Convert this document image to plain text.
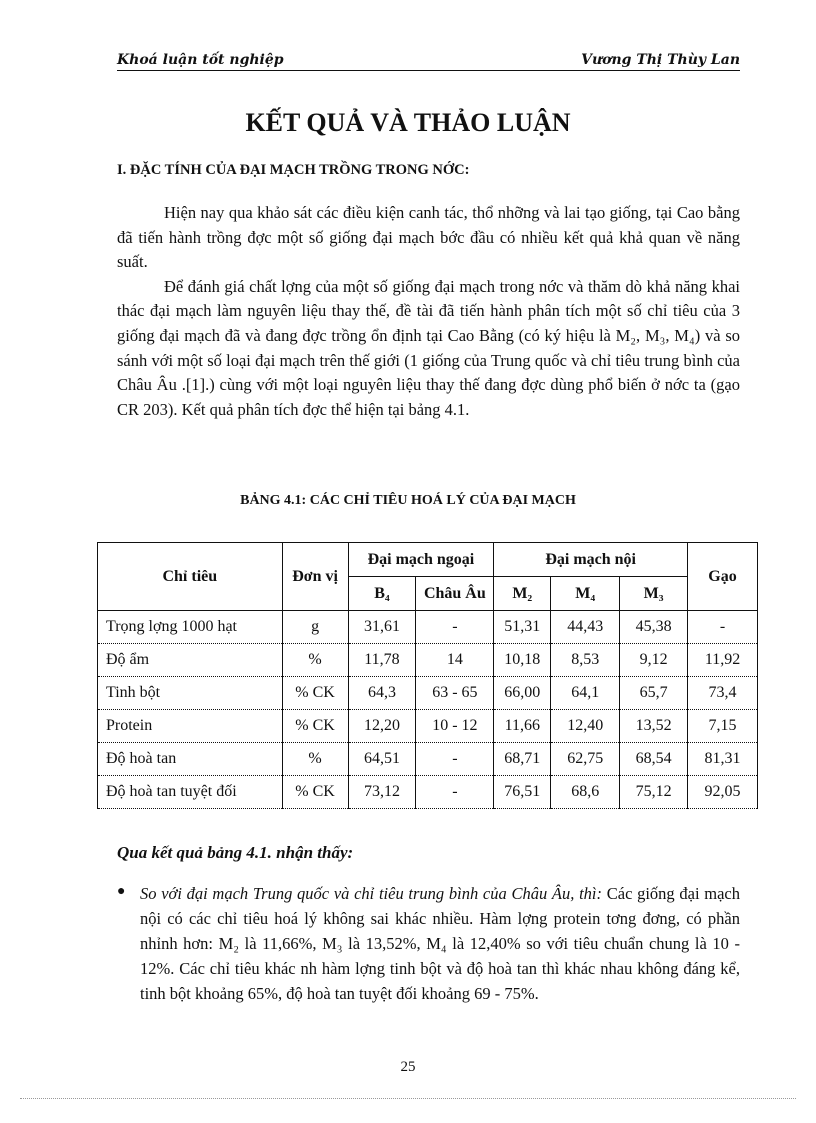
Khoá luận tốt nghiệp	Vương Thị Thùy Lan
KẾT QUẢ VÀ THẢO LUẬN
I. ĐẶC TÍNH CỦA ĐẠI MẠCH TRỒNG TRONG NỚC:

Hiện nay qua khảo sát các điều kiện canh tác, thổ nhỡng và lai tạo giống, tại Cao bằng đã tiến hành trồng đợc một số giống đại mạch bớc đầu có nhiều kết quả khả quan về năng suất.

Để đánh giá chất lợng của một số giống đại mạch trong nớc và thăm dò khả năng khai thác đại mạch làm nguyên liệu thay thế, đề tài đã tiến hành phân tích một số chỉ tiêu của 3 giống đại mạch đã và đang đợc trồng ổn định tại Cao Bằng (có ký hiệu là M₂, M₃, M₄) và so sánh với một số loại đại mạch trên thế giới (1 giống của Trung quốc và chỉ tiêu trung bình của Châu Âu .[1].) cùng với một loại nguyên liệu thay thế đang đợc dùng phổ biến ở nớc ta (gạo CR 203). Kết quả phân tích đợc thể hiện tại bảng 4.1.

BẢNG 4.1: CÁC CHỈ TIÊU HOÁ LÝ CỦA ĐẠI MẠCH
Chỉ tiêu	Đơn vị	Đại mạch ngoại		Đại mạch nội			Gạo
		B₄	Châu Âu	M₂	M₄	M₃	
Trọng lợng 1000 hạt	g	31,61	-	51,31	44,43	45,38	-
Độ ẩm	%	11,78	14	10,18	8,53	9,12	11,92
Tinh bột	% CK	64,3	63 - 65	66,00	64,1	65,7	73,4
Protein	% CK	12,20	10 - 12	11,66	12,40	13,52	7,15
Độ hoà tan	%	64,51	-	68,71	62,75	68,54	81,31
Độ hoà tan tuyệt đối	% CK	73,12	-	76,51	68,6	75,12	92,05
Qua kết quả bảng 4.1. nhận thấy:
● So với đại mạch Trung quốc và chỉ tiêu trung bình của Châu Âu, thì: Các giống đại mạch nội có các chỉ tiêu hoá lý không sai khác nhiều. Hàm lợng protein tơng đơng, có phần nhỉnh hơn: M₂ là 11,66%, M₃ là 13,52%, M₄ là 12,40% so với tiêu chuẩn chung là 10 - 12%. Các chỉ tiêu khác nh hàm lợng tinh bột và độ hoà tan thì khác nhau không đáng kể, tinh bột khoảng 65%, độ hoà tan tuyệt đối khoảng 69 - 75%.
25
